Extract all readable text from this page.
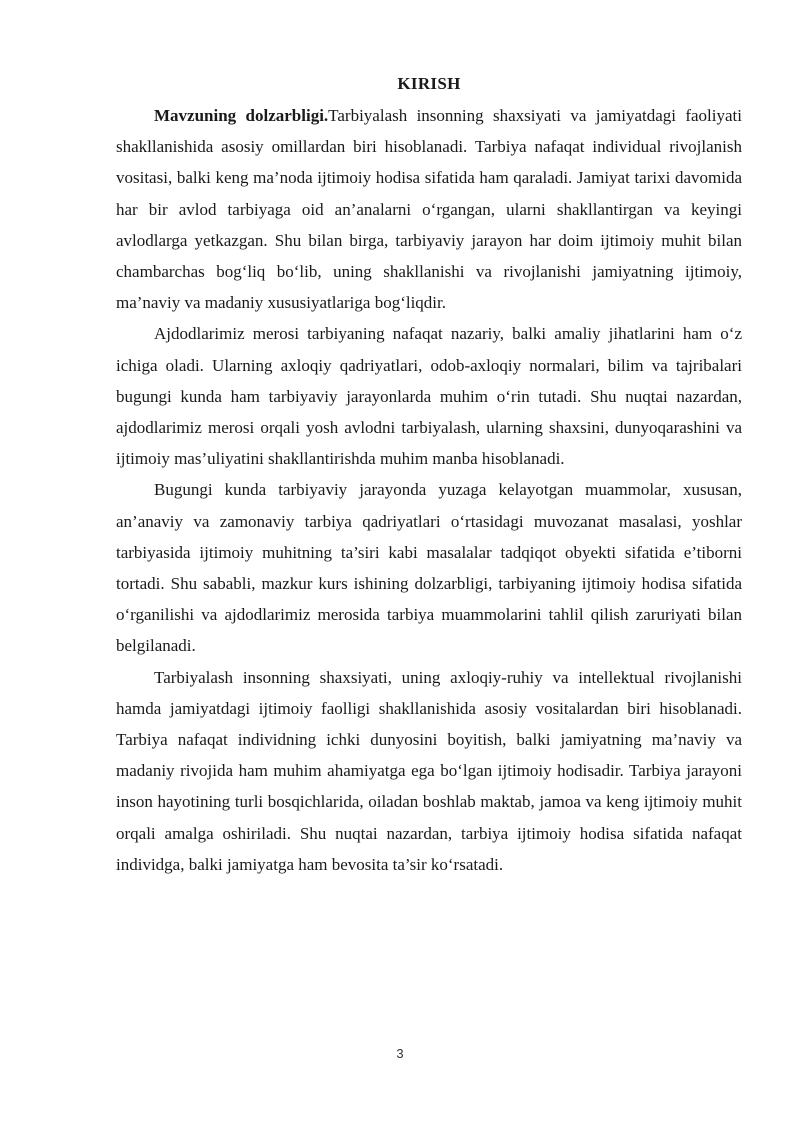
KIRISH

Mavzuning dolzarbligi.Tarbiyalash insonning shaxsiyati va jamiyatdagi faoliyati shakllanishida asosiy omillardan biri hisoblanadi. Tarbiya nafaqat individual rivojlanish vositasi, balki keng ma’noda ijtimoiy hodisa sifatida ham qaraladi. Jamiyat tarixi davomida har bir avlod tarbiyaga oid an’analarni o‘rgangan, ularni shakllantirgan va keyingi avlodlarga yetkazgan. Shu bilan birga, tarbiyaviy jarayon har doim ijtimoiy muhit bilan chambarchas bog‘liq bo‘lib, uning shakllanishi va rivojlanishi jamiyatning ijtimoiy, ma’naviy va madaniy xususiyatlariga bog‘liqdir.

Ajdodlarimiz merosi tarbiyaning nafaqat nazariy, balki amaliy jihatlarini ham o‘z ichiga oladi. Ularning axloqiy qadriyatlari, odob-axloqiy normalari, bilim va tajribalari bugungi kunda ham tarbiyaviy jarayonlarda muhim o‘rin tutadi. Shu nuqtai nazardan, ajdodlarimiz merosi orqali yosh avlodni tarbiyalash, ularning shaxsini, dunyoqarashini va ijtimoiy mas’uliyatini shakllantirishda muhim manba hisoblanadi.

Bugungi kunda tarbiyaviy jarayonda yuzaga kelayotgan muammolar, xususan, an’anaviy va zamonaviy tarbiya qadriyatlari o‘rtasidagi muvozanat masalasi, yoshlar tarbiyasida ijtimoiy muhitning ta’siri kabi masalalar tadqiqot obyekti sifatida e’tiborni tortadi. Shu sababli, mazkur kurs ishining dolzarbligi, tarbiyaning ijtimoiy hodisa sifatida o‘rganilishi va ajdodlarimiz merosida tarbiya muammolarini tahlil qilish zaruriyati bilan belgilanadi.

Tarbiyalash insonning shaxsiyati, uning axloqiy-ruhiy va intellektual rivojlanishi hamda jamiyatdagi ijtimoiy faolligi shakllanishida asosiy vositalardan biri hisoblanadi. Tarbiya nafaqat individning ichki dunyosini boyitish, balki jamiyatning ma’naviy va madaniy rivojida ham muhim ahamiyatga ega bo‘lgan ijtimoiy hodisadir. Tarbiya jarayoni inson hayotining turli bosqichlarida, oiladan boshlab maktab, jamoa va keng ijtimoiy muhit orqali amalga oshiriladi. Shu nuqtai nazardan, tarbiya ijtimoiy hodisa sifatida nafaqat individga, balki jamiyatga ham bevosita ta’sir ko‘rsatadi.

3
